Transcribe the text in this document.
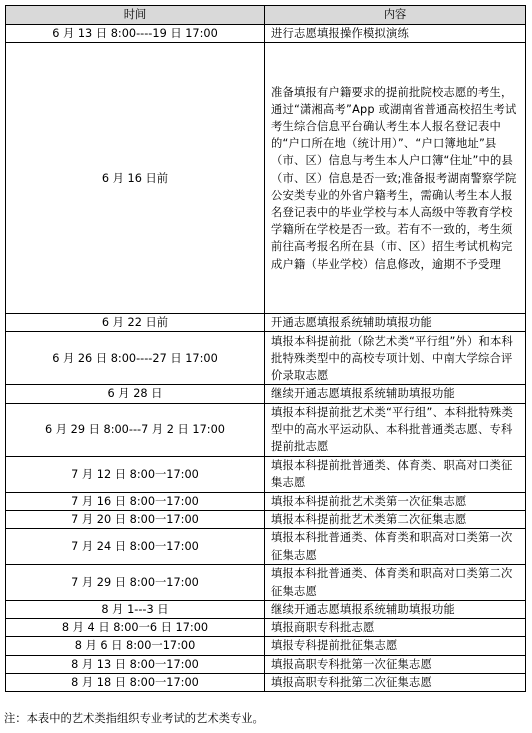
时间	内容
6 月 13 日 8:00----19 日 17:00	进行志愿填报操作模拟演练
6 月 16 日前	准备填报有户籍要求的提前批院校志愿的考生，通过“潇湘高考”App 或湖南省普通高校招生考试考生综合信息平台确认考生本人报名登记表中的“户口所在地（统计用）”、“户口簿地址”县（市、区）信息与考生本人户口簿“住址”中的县（市、区）信息是否一致;准备报考湖南警察学院公安类专业的外省户籍考生，需确认考生本人报名登记表中的毕业学校与本人高级中等教育学校学籍所在学校是否一致。若有不一致的，考生须前往高考报名所在县（市、区）招生考试机构完成户籍（毕业学校）信息修改，逾期不予受理
6 月 22 日前	开通志愿填报系统辅助填报功能
6 月 26 日 8:00----27 日 17:00	填报本科提前批（除艺术类“平行组”外）和本科批特殊类型中的高校专项计划、中南大学综合评价录取志愿
6 月 28 日	继续开通志愿填报系统辅助填报功能
6 月 29 日 8:00---7 月 2 日 17:00	填报本科提前批艺术类“平行组”、本科批特殊类型中的高水平运动队、本科批普通类志愿、专科提前批志愿
7 月 12 日 8:00一17:00	填报本科提前批普通类、体育类、职高对口类征集志愿
7 月 16 日 8:00一17:00	填报本科提前批艺术类第一次征集志愿
7 月 20 日 8:00一17:00	填报本科提前批艺术类第二次征集志愿
7 月 24 日 8:00一17:00	填报本科批普通类、体育类和职高对口类第一次征集志愿
7 月 29 日 8:00一17:00	填报本科批普通类、体育类和职高对口类第二次征集志愿
8 月 1---3 日	继续开通志愿填报系统辅助填报功能
8 月 4 日 8:00一6 日 17:00	填报商职专科批志愿
8 月 6 日 8:00一17:00	填报专科提前批征集志愿
8 月 13 日 8:00一17:00	填报高职专科批第一次征集志愿
8 月 18 日 8:00一17:00	填报高职专科批第二次征集志愿
注：本表中的艺术类指组织专业考试的艺术类专业。
